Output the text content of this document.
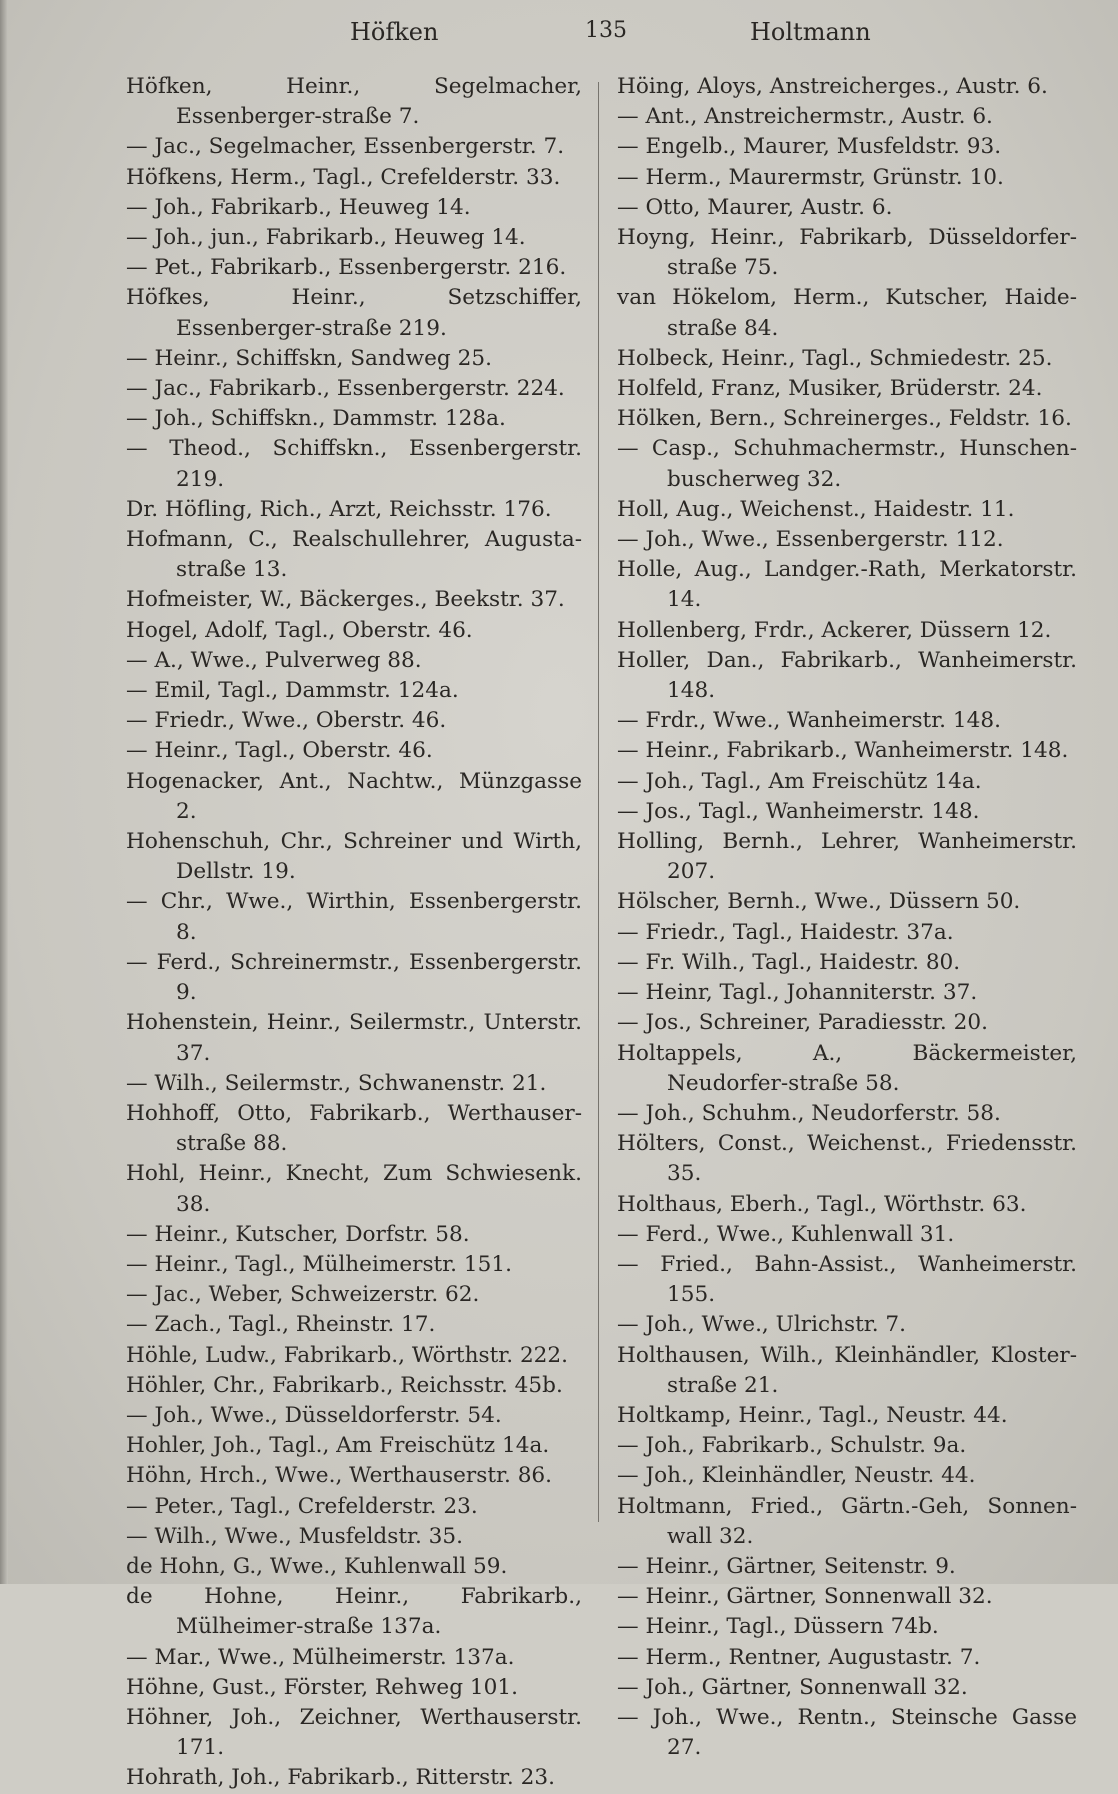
Höfken	135	Holtmann

Höfken, Heinr., Segelmacher, Essenberger-straße 7.

— Jac., Segelmacher, Essenbergerstr. 7.

Höfkens, Herm., Tagl., Crefelderstr. 33.

— Joh., Fabrikarb., Heuweg 14.

— Joh., jun., Fabrikarb., Heuweg 14.

— Pet., Fabrikarb., Essenbergerstr. 216.

Höfkes, Heinr., Setzschiffer, Essenberger-straße 219.

— Heinr., Schiffskn, Sandweg 25.

— Jac., Fabrikarb., Essenbergerstr. 224.

— Joh., Schiffskn., Dammstr. 128a.

— Theod., Schiffskn., Essenbergerstr. 219.

Dr. Höfling, Rich., Arzt, Reichsstr. 176.

Hofmann, C., Realschullehrer, Augusta-straße 13.

Hofmeister, W., Bäckerges., Beekstr. 37.

Hogel, Adolf, Tagl., Oberstr. 46.

— A., Wwe., Pulverweg 88.

— Emil, Tagl., Dammstr. 124a.

— Friedr., Wwe., Oberstr. 46.

— Heinr., Tagl., Oberstr. 46.

Hogenacker, Ant., Nachtw., Münzgasse 2.

Hohenschuh, Chr., Schreiner und Wirth, Dellstr. 19.

— Chr., Wwe., Wirthin, Essenbergerstr. 8.

— Ferd., Schreinermstr., Essenbergerstr. 9.

Hohenstein, Heinr., Seilermstr., Unterstr. 37.

— Wilh., Seilermstr., Schwanenstr. 21.

Hohhoff, Otto, Fabrikarb., Werthauser-straße 88.

Hohl, Heinr., Knecht, Zum Schwiesenk. 38.

— Heinr., Kutscher, Dorfstr. 58.

— Heinr., Tagl., Mülheimerstr. 151.

— Jac., Weber, Schweizerstr. 62.

— Zach., Tagl., Rheinstr. 17.

Höhle, Ludw., Fabrikarb., Wörthstr. 222.

Höhler, Chr., Fabrikarb., Reichsstr. 45b.

— Joh., Wwe., Düsseldorferstr. 54.

Hohler, Joh., Tagl., Am Freischütz 14a.

Höhn, Hrch., Wwe., Werthauserstr. 86.

— Peter., Tagl., Crefelderstr. 23.

— Wilh., Wwe., Musfeldstr. 35.

de Hohn, G., Wwe., Kuhlenwall 59.

de Hohne, Heinr., Fabrikarb., Mülheimer-straße 137a.

— Mar., Wwe., Mülheimerstr. 137a.

Höhne, Gust., Förster, Rehweg 101.

Höhner, Joh., Zeichner, Werthauserstr. 171.

Hohrath, Joh., Fabrikarb., Ritterstr. 23.

Höing, Aloys, Anstreicherges., Austr. 6.

— Ant., Anstreichermstr., Austr. 6.

— Engelb., Maurer, Musfeldstr. 93.

— Herm., Maurermstr, Grünstr. 10.

— Otto, Maurer, Austr. 6.

Hoyng, Heinr., Fabrikarb, Düsseldorfer-straße 75.

van Hökelom, Herm., Kutscher, Haide-straße 84.

Holbeck, Heinr., Tagl., Schmiedestr. 25.

Holfeld, Franz, Musiker, Brüderstr. 24.

Hölken, Bern., Schreinerges., Feldstr. 16.

— Casp., Schuhmachermstr., Hunschen-buscherweg 32.

Holl, Aug., Weichenst., Haidestr. 11.

— Joh., Wwe., Essenbergerstr. 112.

Holle, Aug., Landger.-Rath, Merkatorstr. 14.

Hollenberg, Frdr., Ackerer, Düssern 12.

Holler, Dan., Fabrikarb., Wanheimerstr. 148.

— Frdr., Wwe., Wanheimerstr. 148.

— Heinr., Fabrikarb., Wanheimerstr. 148.

— Joh., Tagl., Am Freischütz 14a.

— Jos., Tagl., Wanheimerstr. 148.

Holling, Bernh., Lehrer, Wanheimerstr. 207.

Hölscher, Bernh., Wwe., Düssern 50.

— Friedr., Tagl., Haidestr. 37a.

— Fr. Wilh., Tagl., Haidestr. 80.

— Heinr, Tagl., Johanniterstr. 37.

— Jos., Schreiner, Paradiesstr. 20.

Holtappels, A., Bäckermeister, Neudorfer-straße 58.

— Joh., Schuhm., Neudorferstr. 58.

Hölters, Const., Weichenst., Friedensstr. 35.

Holthaus, Eberh., Tagl., Wörthstr. 63.

— Ferd., Wwe., Kuhlenwall 31.

— Fried., Bahn-Assist., Wanheimerstr. 155.

— Joh., Wwe., Ulrichstr. 7.

Holthausen, Wilh., Kleinhändler, Kloster-straße 21.

Holtkamp, Heinr., Tagl., Neustr. 44.

— Joh., Fabrikarb., Schulstr. 9a.

— Joh., Kleinhändler, Neustr. 44.

Holtmann, Fried., Gärtn.-Geh, Sonnen-wall 32.

— Heinr., Gärtner, Seitenstr. 9.

— Heinr., Gärtner, Sonnenwall 32.

— Heinr., Tagl., Düssern 74b.

— Herm., Rentner, Augustastr. 7.

— Joh., Gärtner, Sonnenwall 32.

— Joh., Wwe., Rentn., Steinsche Gasse 27.
